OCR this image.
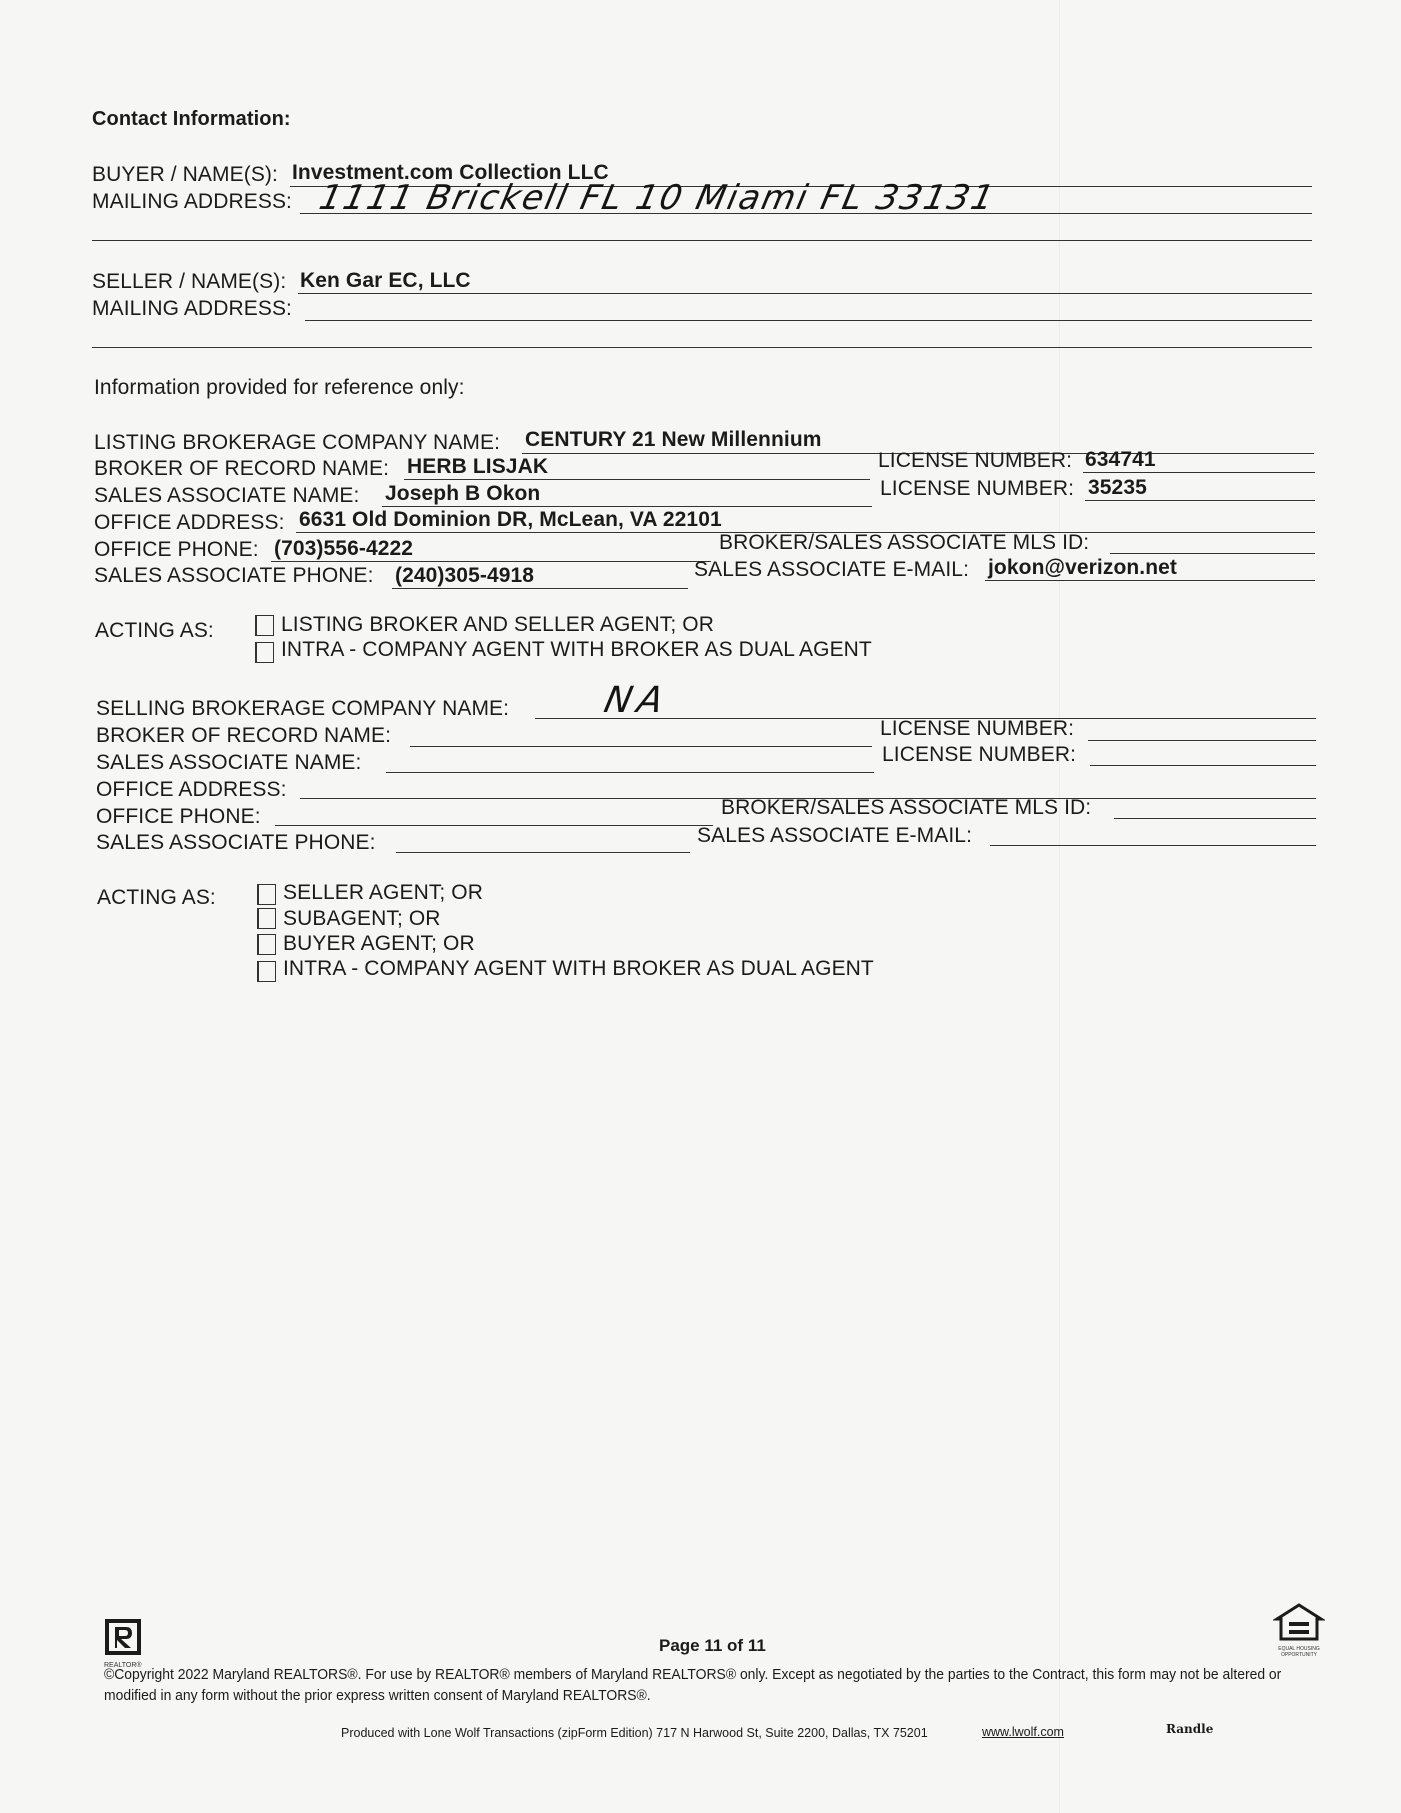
Contact Information:
BUYER / NAME(S): Investment.com Collection LLC
MAILING ADDRESS: 1111 Brickell FL 10 Miami FL 33131
SELLER / NAME(S): Ken Gar EC, LLC
MAILING ADDRESS:
Information provided for reference only:
LISTING BROKERAGE COMPANY NAME: CENTURY 21 New Millennium
BROKER OF RECORD NAME: HERB LISJAK	LICENSE NUMBER: 634741
SALES ASSOCIATE NAME: Joseph B Okon	LICENSE NUMBER: 35235
OFFICE ADDRESS: 6631 Old Dominion DR, McLean, VA 22101
OFFICE PHONE: (703)556-4222	BROKER/SALES ASSOCIATE MLS ID:
SALES ASSOCIATE PHONE: (240)305-4918	SALES ASSOCIATE E-MAIL: jokon@verizon.net
ACTING AS:	LISTING BROKER AND SELLER AGENT; OR
INTRA - COMPANY AGENT WITH BROKER AS DUAL AGENT
SELLING BROKERAGE COMPANY NAME:	NA
BROKER OF RECORD NAME:	LICENSE NUMBER:
SALES ASSOCIATE NAME:	LICENSE NUMBER:
OFFICE ADDRESS:
OFFICE PHONE:	BROKER/SALES ASSOCIATE MLS ID:
SALES ASSOCIATE PHONE:	SALES ASSOCIATE E-MAIL:
ACTING AS:	SELLER AGENT; OR
SUBAGENT; OR
BUYER AGENT; OR
INTRA - COMPANY AGENT WITH BROKER AS DUAL AGENT
REALTOR®
Page 11 of 11	EQUAL HOUSING OPPORTUNITY
©Copyright 2022 Maryland REALTORS®. For use by REALTOR® members of Maryland REALTORS® only. Except as negotiated by the parties to the Contract, this form may not be altered or modified in any form without the prior express written consent of Maryland REALTORS®.
Produced with Lone Wolf Transactions (zipForm Edition) 717 N Harwood St, Suite 2200, Dallas, TX 75201	www.lwolf.com	Randle
